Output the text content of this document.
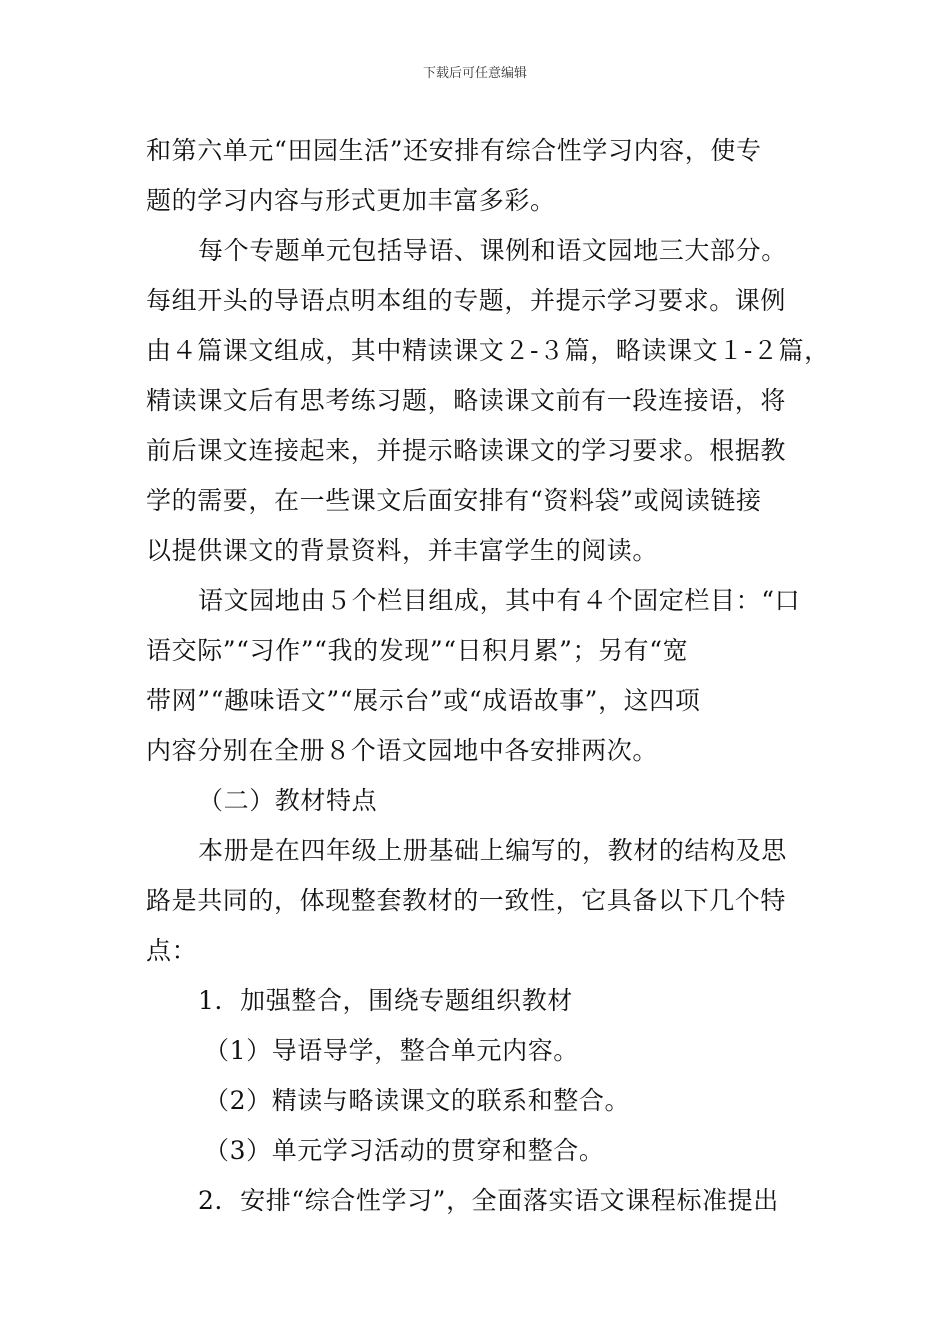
下载后可任意编辑
和第六单元“田园生活”还安排有综合性学习内容，使专
题的学习内容与形式更加丰富多彩。
每个专题单元包括导语、课例和语文园地三大部分。
每组开头的导语点明本组的专题，并提示学习要求。课例
由４篇课文组成，其中精读课文２-３篇，略读课文１-２篇，
精读课文后有思考练习题，略读课文前有一段连接语，将
前后课文连接起来，并提示略读课文的学习要求。根据教
学的需要，在一些课文后面安排有“资料袋”或阅读链接
以提供课文的背景资料，并丰富学生的阅读。
语文园地由５个栏目组成，其中有４个固定栏目：“口
语交际”“习作”“我的发现”“日积月累”；另有“宽
带网”“趣味语文”“展示台”或“成语故事”，这四项
内容分别在全册８个语文园地中各安排两次。
（二）教材特点
本册是在四年级上册基础上编写的，教材的结构及思
路是共同的，体现整套教材的一致性，它具备以下几个特
点：
1．加强整合，围绕专题组织教材
（1）导语导学，整合单元内容。
（2）精读与略读课文的联系和整合。
（3）单元学习活动的贯穿和整合。
2．安排“综合性学习”，全面落实语文课程标准提出
